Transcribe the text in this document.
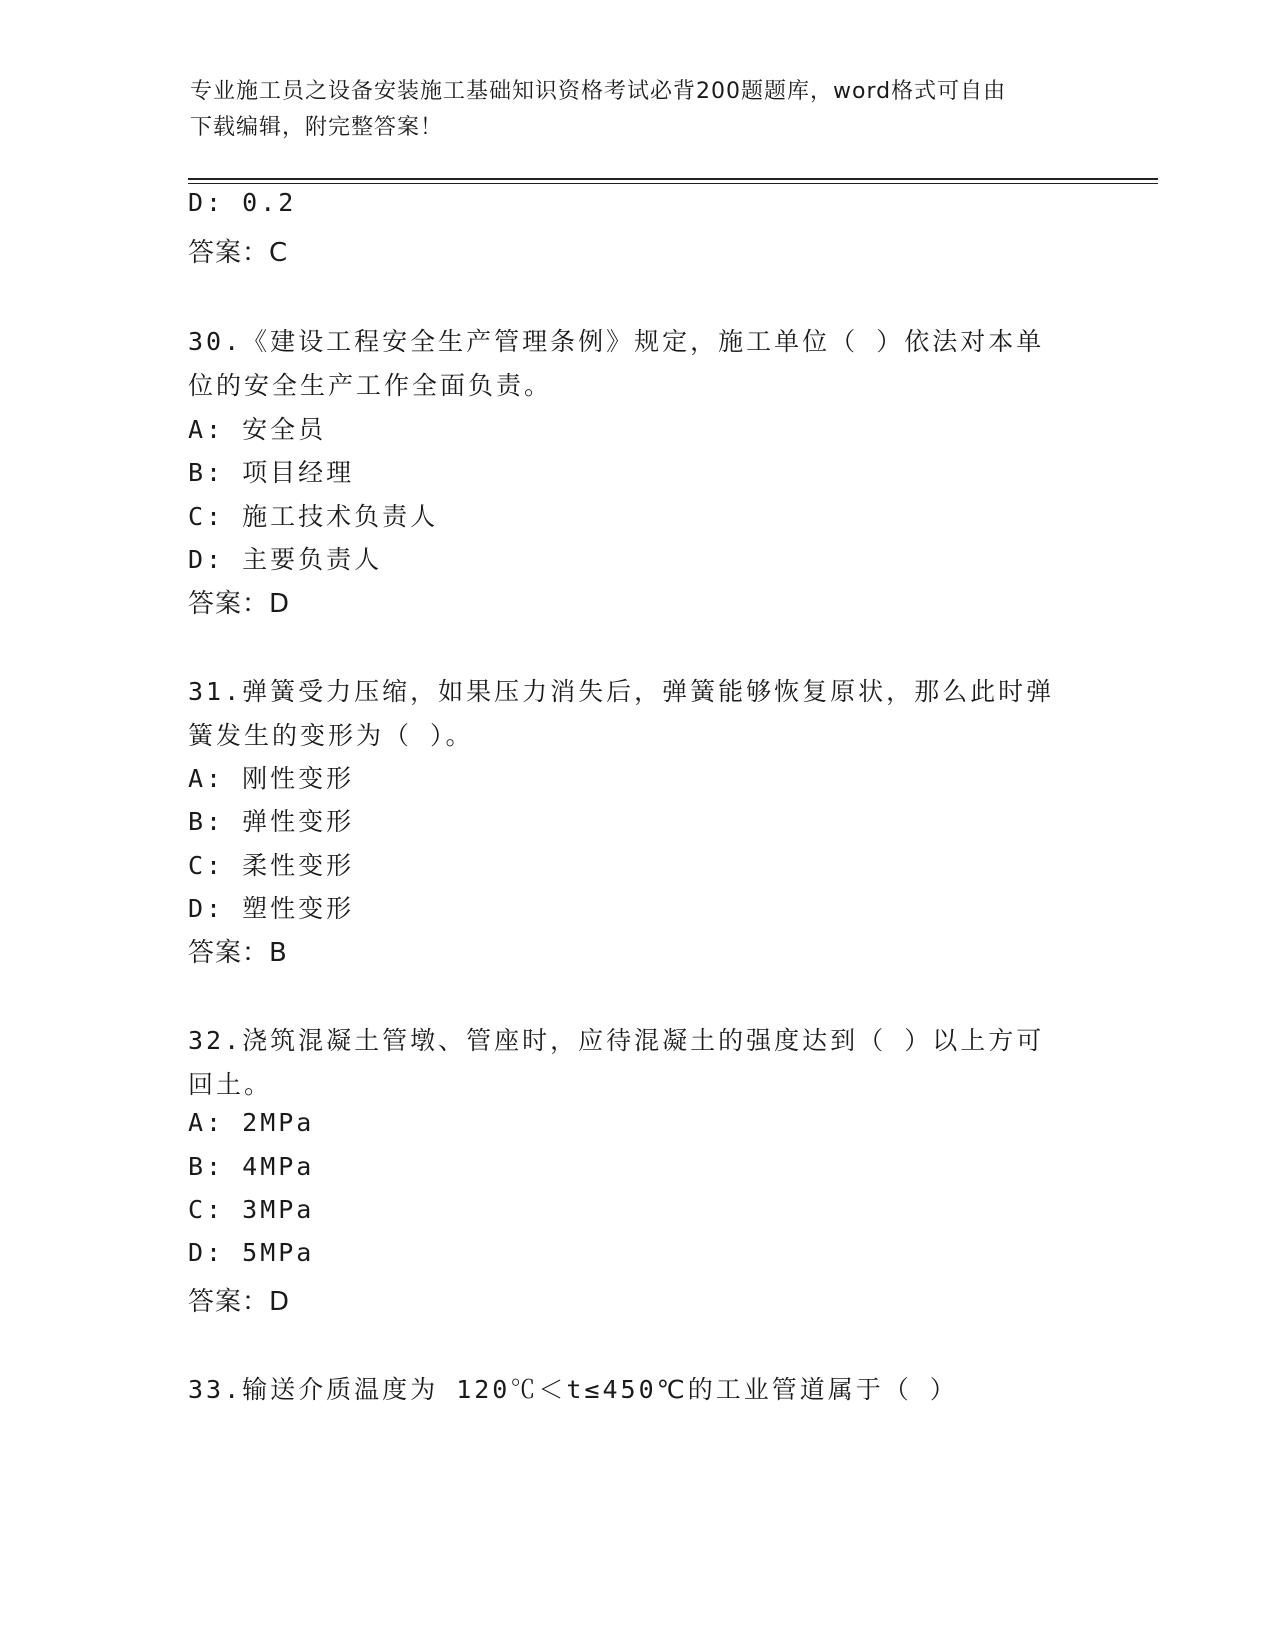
专业施工员之设备安装施工基础知识资格考试必背200题题库，word格式可自由
下载编辑，附完整答案！
D: 0.2
答案：C
30.《建设工程安全生产管理条例》规定，施工单位（ ）依法对本单
位的安全生产工作全面负责。
A: 安全员
B: 项目经理
C: 施工技术负责人
D: 主要负责人
答案：D
31.弹簧受力压缩，如果压力消失后，弹簧能够恢复原状，那么此时弹
簧发生的变形为（ ）。
A: 刚性变形
B: 弹性变形
C: 柔性变形
D: 塑性变形
答案：B
32.浇筑混凝土管墩、管座时，应待混凝土的强度达到（ ）以上方可
回土。
A: 2MPa
B: 4MPa
C: 3MPa
D: 5MPa
答案：D
33.输送介质温度为 120℃＜t≤450℃的工业管道属于（ ）
